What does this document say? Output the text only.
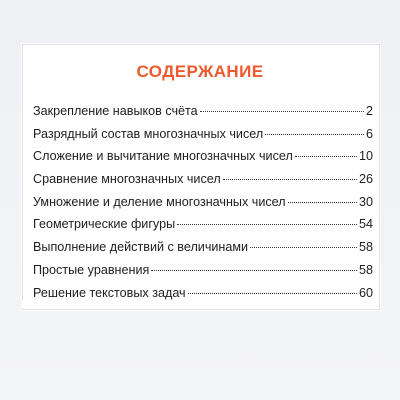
СОДЕРЖАНИЕ
Закрепление навыков счёта	2
Разрядный состав многозначных чисел	6
Сложение и вычитание многозначных чисел	10
Сравнение многозначных чисел	26
Умножение и деление многозначных чисел	30
Геометрические фигуры	54
Выполнение действий с величинами	58
Простые уравнения	58
Решение текстовых задач	60
